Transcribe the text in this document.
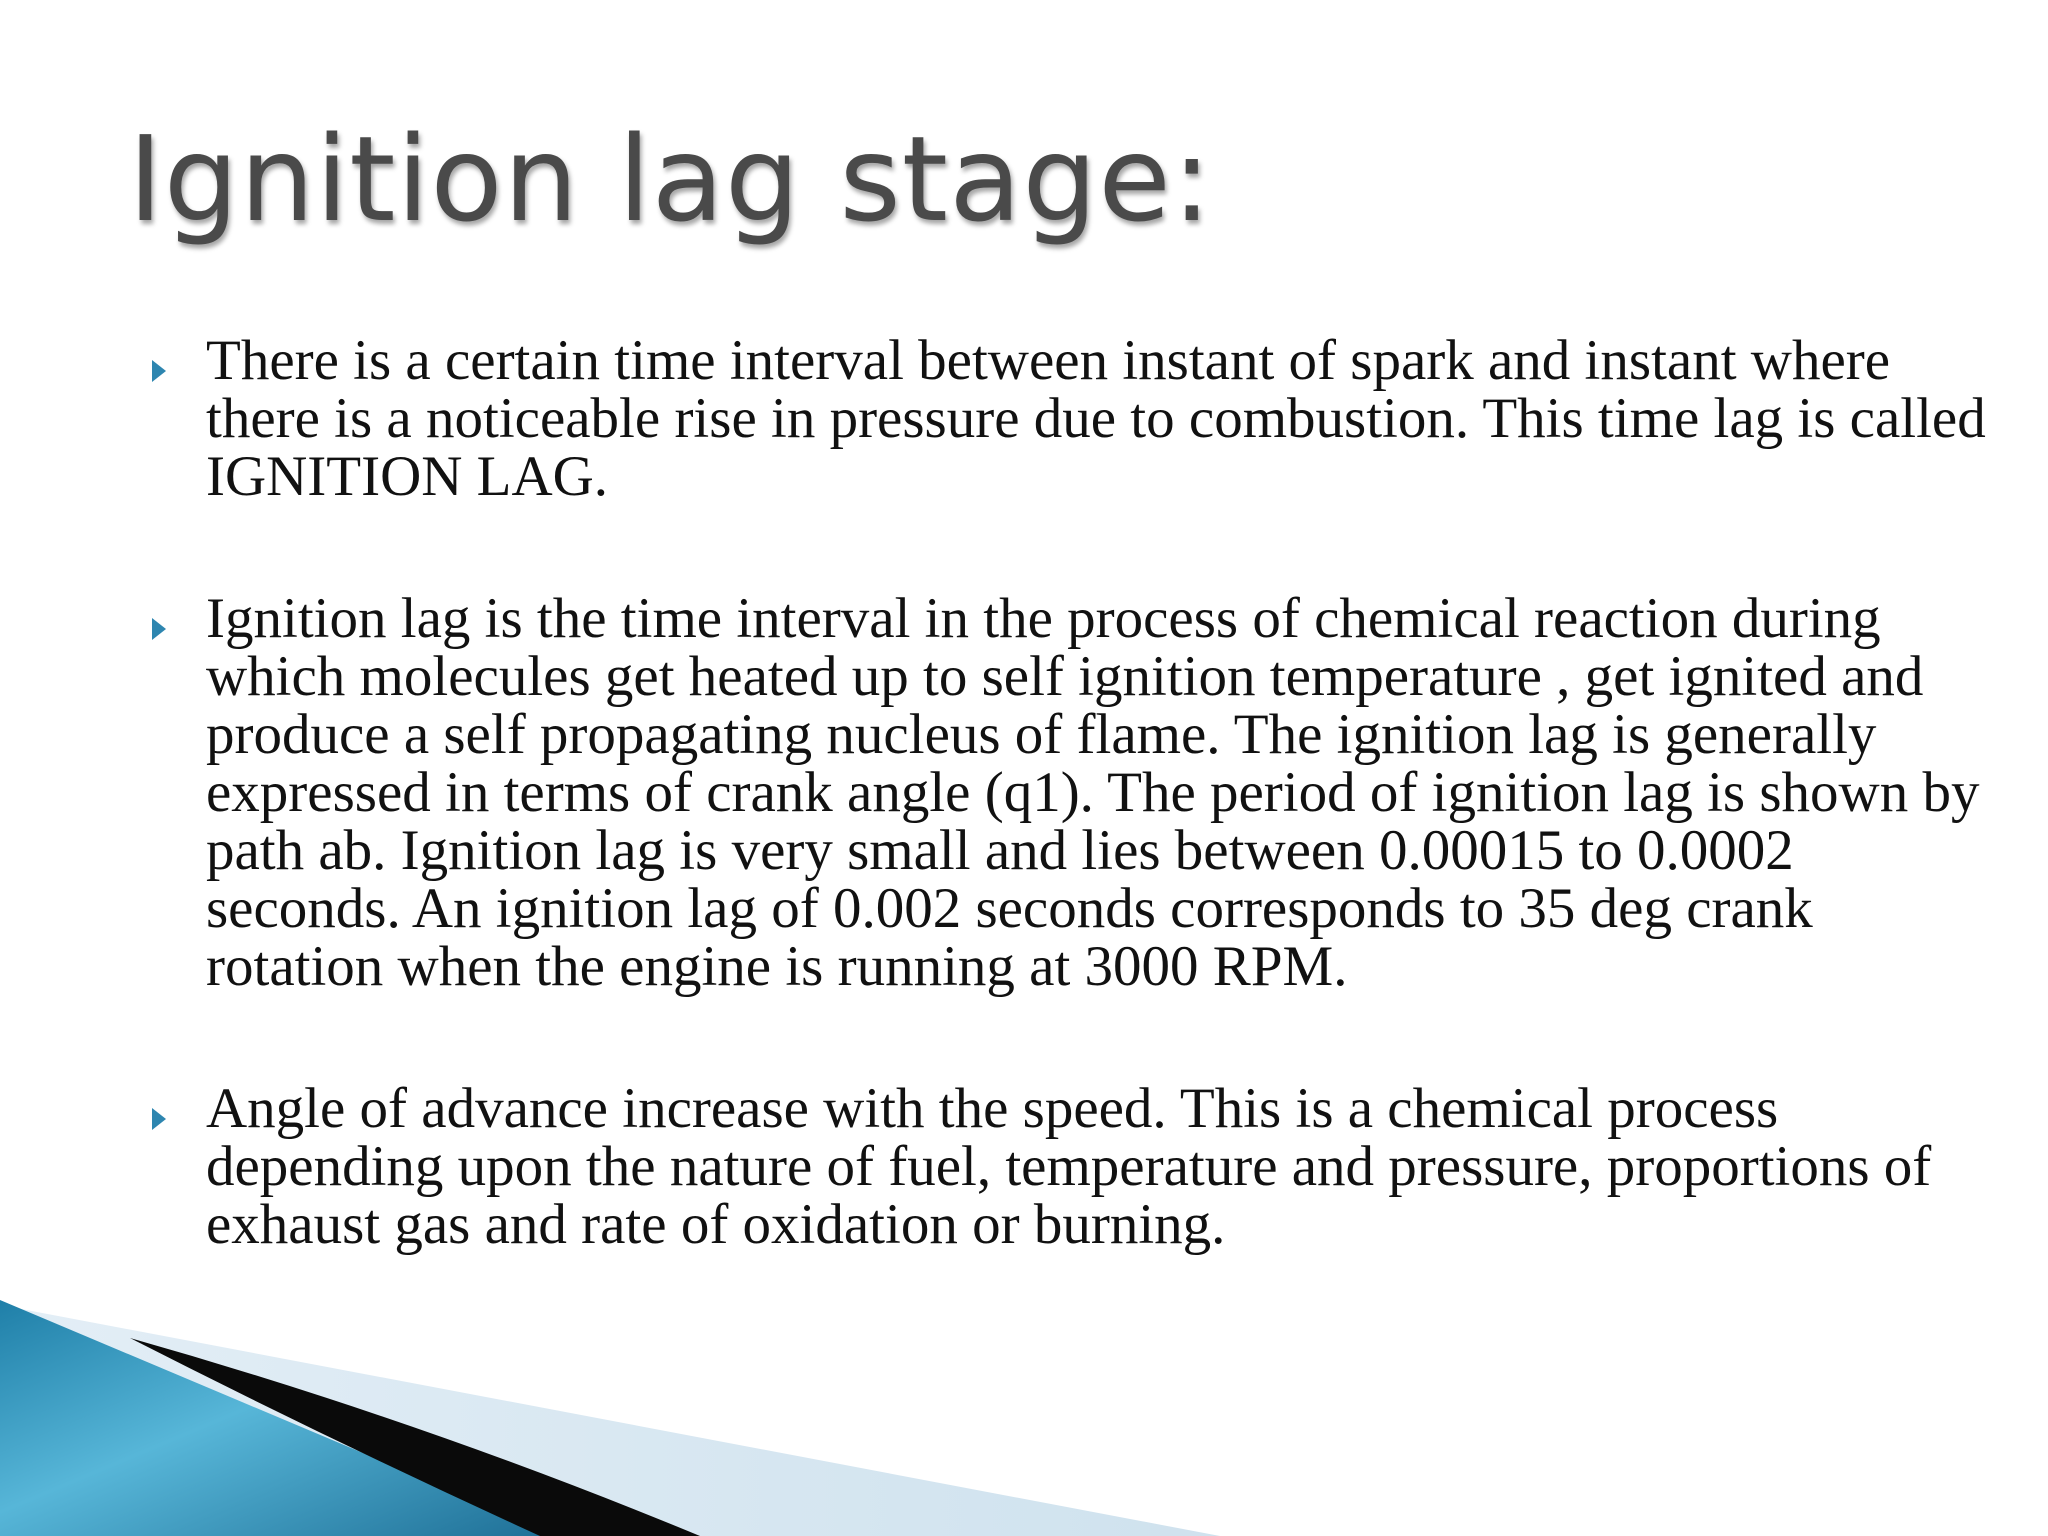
Ignition lag stage:
There is a certain time interval between instant of spark and instant where there is a noticeable rise in pressure due to combustion. This time lag is called IGNITION LAG.
Ignition lag is the time interval in the process of chemical reaction during which molecules get heated up to self ignition temperature , get ignited and produce a self propagating nucleus of flame. The ignition lag is generally expressed in terms of crank angle (q1). The period of ignition lag is shown by path ab. Ignition lag is very small and lies between 0.00015 to 0.0002 seconds. An ignition lag of 0.002 seconds corresponds to 35 deg crank rotation when the engine is running at 3000 RPM.
Angle of advance increase with the speed. This is a chemical process depending upon the nature of fuel, temperature and pressure, proportions of exhaust gas and rate of oxidation or burning.
